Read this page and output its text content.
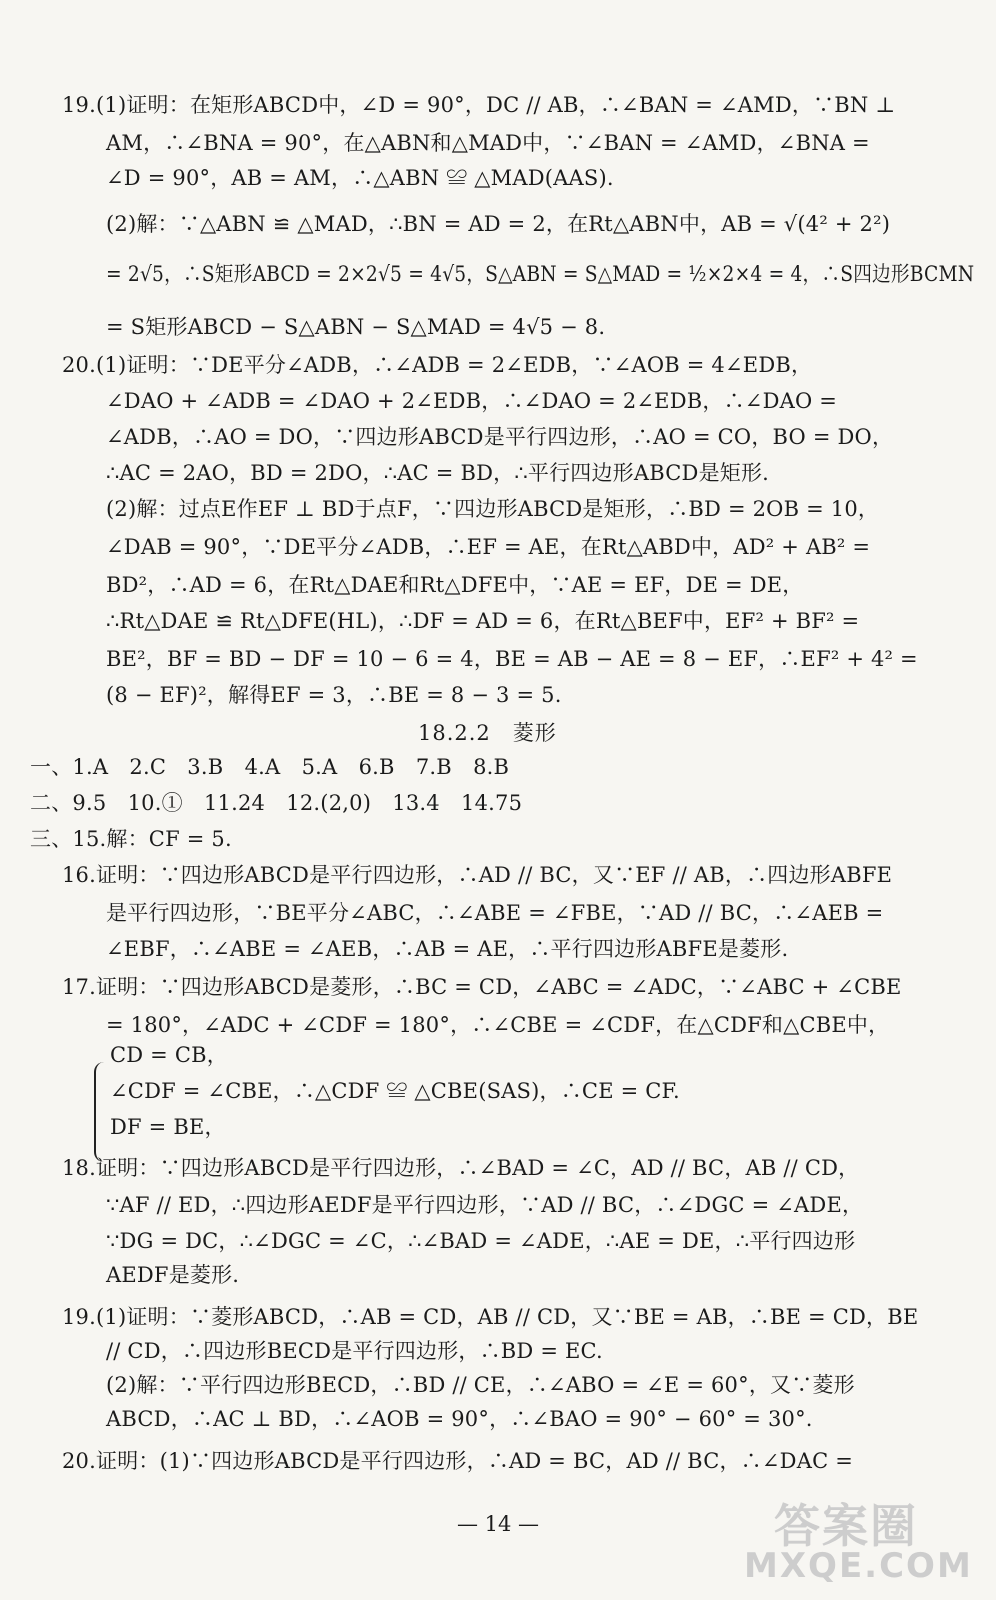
19.(1)证明：在矩形ABCD中，∠D = 90°，DC // AB，∴∠BAN = ∠AMD，∵BN ⊥
AM，∴∠BNA = 90°，在△ABN和△MAD中，∵∠BAN = ∠AMD，∠BNA =
∠D = 90°，AB = AM，∴△ABN ≌ △MAD(AAS).
(2)解：∵△ABN ≌ △MAD，∴BN = AD = 2，在Rt△ABN中，AB = √(4² + 2²)
= 2√5，∴S矩形ABCD = 2×2√5 = 4√5，S△ABN = S△MAD = ½×2×4 = 4，∴S四边形BCMN
= S矩形ABCD − S△ABN − S△MAD = 4√5 − 8.
20.(1)证明：∵DE平分∠ADB，∴∠ADB = 2∠EDB，∵∠AOB = 4∠EDB，
∠DAO + ∠ADB = ∠DAO + 2∠EDB，∴∠DAO = 2∠EDB，∴∠DAO =
∠ADB，∴AO = DO，∵四边形ABCD是平行四边形，∴AO = CO，BO = DO，
∴AC = 2AO，BD = 2DO，∴AC = BD，∴平行四边形ABCD是矩形.
(2)解：过点E作EF ⊥ BD于点F，∵四边形ABCD是矩形，∴BD = 2OB = 10，
∠DAB = 90°，∵DE平分∠ADB，∴EF = AE，在Rt△ABD中，AD² + AB² =
BD²，∴AD = 6，在Rt△DAE和Rt△DFE中，∵AE = EF，DE = DE，
∴Rt△DAE ≌ Rt△DFE(HL)，∴DF = AD = 6，在Rt△BEF中，EF² + BF² =
BE²，BF = BD − DF = 10 − 6 = 4，BE = AB − AE = 8 − EF，∴EF² + 4² =
(8 − EF)²，解得EF = 3，∴BE = 8 − 3 = 5.
18.2.2　菱形
一、1.A　2.C　3.B　4.A　5.A　6.B　7.B　8.B
二、9.5　10.①　11.24　12.(2,0)　13.4　14.75
三、15.解：CF = 5.
16.证明：∵四边形ABCD是平行四边形，∴AD // BC，又∵EF // AB，∴四边形ABFE
是平行四边形，∵BE平分∠ABC，∴∠ABE = ∠FBE，∵AD // BC，∴∠AEB =
∠EBF，∴∠ABE = ∠AEB，∴AB = AE，∴平行四边形ABFE是菱形.
17.证明：∵四边形ABCD是菱形，∴BC = CD，∠ABC = ∠ADC，∵∠ABC + ∠CBE
= 180°，∠ADC + ∠CDF = 180°，∴∠CBE = ∠CDF，在△CDF和△CBE中，
CD = CB，
∠CDF = ∠CBE，∴△CDF ≌ △CBE(SAS)，∴CE = CF.
DF = BE，
18.证明：∵四边形ABCD是平行四边形，∴∠BAD = ∠C，AD // BC，AB // CD，
∵AF // ED，∴四边形AEDF是平行四边形，∵AD // BC，∴∠DGC = ∠ADE，
∵DG = DC，∴∠DGC = ∠C，∴∠BAD = ∠ADE，∴AE = DE，∴平行四边形
AEDF是菱形.
19.(1)证明：∵菱形ABCD，∴AB = CD，AB // CD，又∵BE = AB，∴BE = CD，BE
// CD，∴四边形BECD是平行四边形，∴BD = EC.
(2)解：∵平行四边形BECD，∴BD // CE，∴∠ABO = ∠E = 60°，又∵菱形
ABCD，∴AC ⊥ BD，∴∠AOB = 90°，∴∠BAO = 90° − 60° = 30°.
20.证明：(1)∵四边形ABCD是平行四边形，∴AD = BC，AD // BC，∴∠DAC =
— 14 —	答案圈
MXQE.COM
